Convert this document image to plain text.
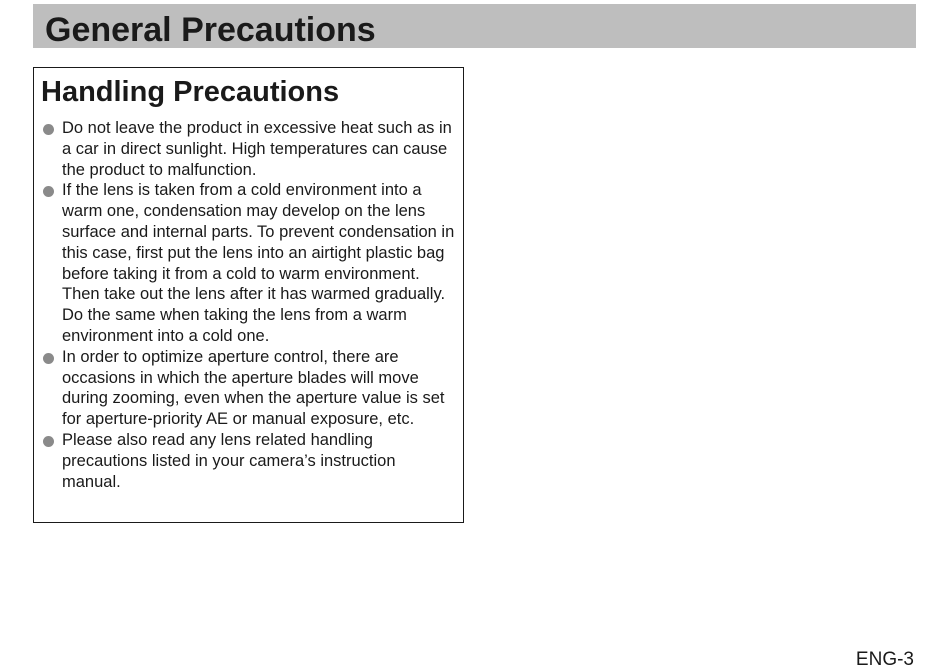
General Precautions
Handling Precautions
Do not leave the product in excessive heat such as in a car in direct sunlight. High temperatures can cause the product to malfunction.
If the lens is taken from a cold environment into a warm one, condensation may develop on the lens surface and internal parts. To prevent condensation in this case, first put the lens into an airtight plastic bag before taking it from a cold to warm environment. Then take out the lens after it has warmed gradually. Do the same when taking the lens from a warm environment into a cold one.
In order to optimize aperture control, there are occasions in which the aperture blades will move during zooming, even when the aperture value is set for aperture-priority AE or manual exposure, etc.
Please also read any lens related handling precautions listed in your camera’s instruction manual.
ENG-3
